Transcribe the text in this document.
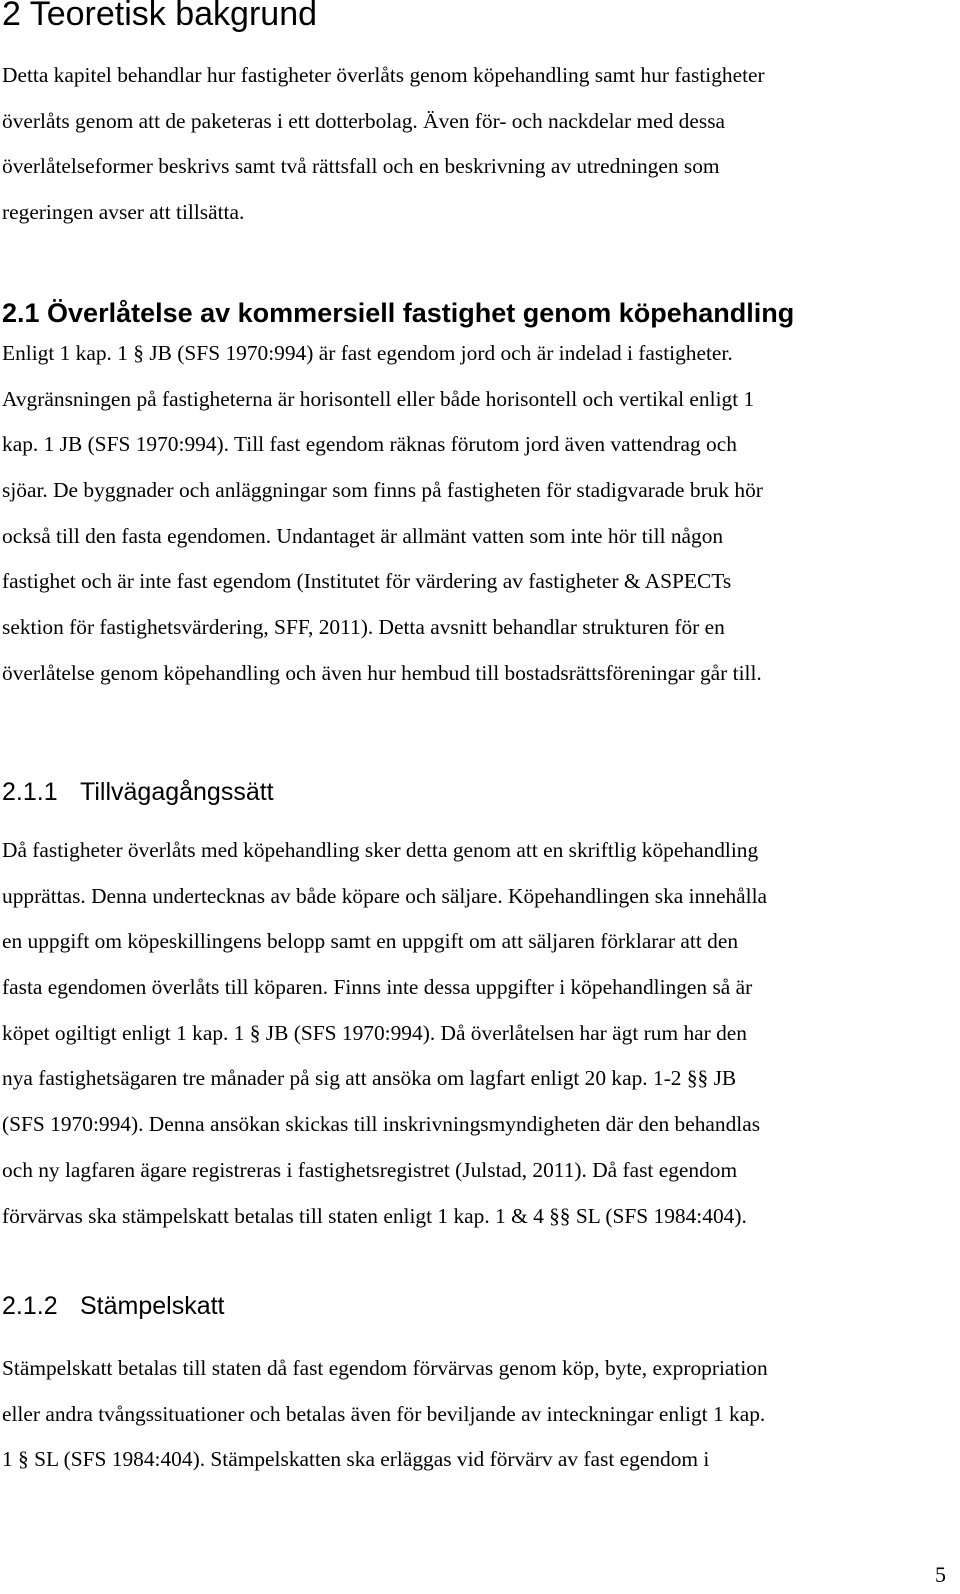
2 Teoretisk bakgrund
Detta kapitel behandlar hur fastigheter överlåts genom köpehandling samt hur fastigheter
överlåts genom att de paketeras i ett dotterbolag. Även för- och nackdelar med dessa
överlåtelseformer beskrivs samt två rättsfall och en beskrivning av utredningen som
regeringen avser att tillsätta.
2.1 Överlåtelse av kommersiell fastighet genom köpehandling
Enligt 1 kap. 1 § JB (SFS 1970:994) är fast egendom jord och är indelad i fastigheter.
Avgränsningen på fastigheterna är horisontell eller både horisontell och vertikal enligt 1
kap. 1 JB (SFS 1970:994). Till fast egendom räknas förutom jord även vattendrag och
sjöar. De byggnader och anläggningar som finns på fastigheten för stadigvarade bruk hör
också till den fasta egendomen. Undantaget är allmänt vatten som inte hör till någon
fastighet och är inte fast egendom (Institutet för värdering av fastigheter & ASPECTs
sektion för fastighetsvärdering, SFF, 2011). Detta avsnitt behandlar strukturen för en
överlåtelse genom köpehandling och även hur hembud till bostadsrättsföreningar går till.
2.1.1 Tillvägagångssätt
Då fastigheter överlåts med köpehandling sker detta genom att en skriftlig köpehandling
upprättas. Denna undertecknas av både köpare och säljare. Köpehandlingen ska innehålla
en uppgift om köpeskillingens belopp samt en uppgift om att säljaren förklarar att den
fasta egendomen överlåts till köparen. Finns inte dessa uppgifter i köpehandlingen så är
köpet ogiltigt enligt 1 kap. 1 § JB (SFS 1970:994). Då överlåtelsen har ägt rum har den
nya fastighetsägaren tre månader på sig att ansöka om lagfart enligt 20 kap. 1-2 §§ JB
(SFS 1970:994). Denna ansökan skickas till inskrivningsmyndigheten där den behandlas
och ny lagfaren ägare registreras i fastighetsregistret (Julstad, 2011). Då fast egendom
förvärvas ska stämpelskatt betalas till staten enligt 1 kap. 1 & 4 §§ SL (SFS 1984:404).
2.1.2 Stämpelskatt
Stämpelskatt betalas till staten då fast egendom förvärvas genom köp, byte, expropriation
eller andra tvångssituationer och betalas även för beviljande av inteckningar enligt 1 kap.
1 § SL (SFS 1984:404). Stämpelskatten ska erläggas vid förvärv av fast egendom i
5
